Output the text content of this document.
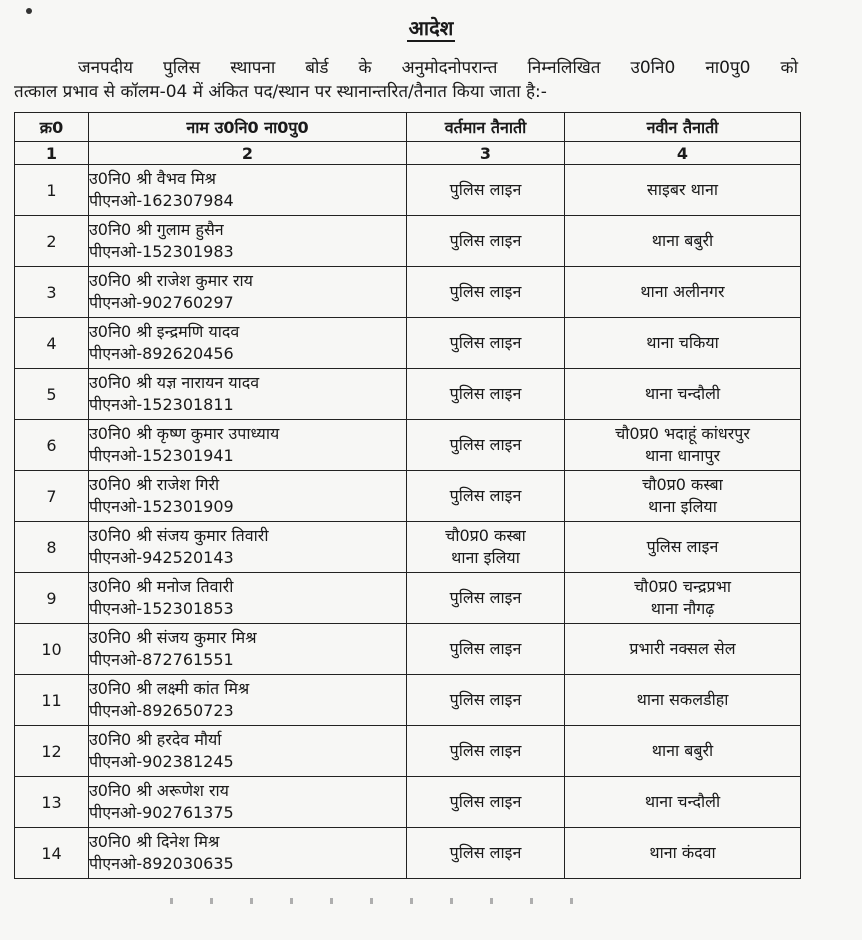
आदेश
जनपदीय पुलिस स्थापना बोर्ड के अनुमोदनोपरान्त निम्नलिखित उ0नि0 ना0पु0 को
तत्काल प्रभाव से कॉलम-04 में अंकित पद/स्थान पर स्थानान्तरित/तैनात किया जाता है:-
क्र0	नाम उ0नि0 ना0पु0	वर्तमान तैनाती	नवीन तैनाती
1	2	3	4
1	उ0नि0 श्री वैभव मिश्र
पीएनओ-162307984	पुलिस लाइन	साइबर थाना

2	उ0नि0 श्री गुलाम हुसैन
पीएनओ-152301983	पुलिस लाइन	थाना बबुरी

3	उ0नि0 श्री राजेश कुमार राय
पीएनओ-902760297	पुलिस लाइन	थाना अलीनगर

4	उ0नि0 श्री इन्द्रमणि यादव
पीएनओ-892620456	पुलिस लाइन	थाना चकिया

5	उ0नि0 श्री यज्ञ नारायन यादव
पीएनओ-152301811	पुलिस लाइन	थाना चन्दौली

6	उ0नि0 श्री कृष्ण कुमार उपाध्याय
पीएनओ-152301941	पुलिस लाइन	चौ0प्र0 भदाहूं कांधरपुर
थाना धानापुर

7	उ0नि0 श्री राजेश गिरी
पीएनओ-152301909	पुलिस लाइन	चौ0प्र0 कस्बा
थाना इलिया

8	उ0नि0 श्री संजय कुमार तिवारी
पीएनओ-942520143	चौ0प्र0 कस्बा
थाना इलिया	पुलिस लाइन

9	उ0नि0 श्री मनोज तिवारी
पीएनओ-152301853	पुलिस लाइन	चौ0प्र0 चन्द्रप्रभा
थाना नौगढ़

10	उ0नि0 श्री संजय कुमार मिश्र
पीएनओ-872761551	पुलिस लाइन	प्रभारी नक्सल सेल

11	उ0नि0 श्री लक्ष्मी कांत मिश्र
पीएनओ-892650723	पुलिस लाइन	थाना सकलडीहा

12	उ0नि0 श्री हरदेव मौर्या
पीएनओ-902381245	पुलिस लाइन	थाना बबुरी

13	उ0नि0 श्री अरूणेश राय
पीएनओ-902761375	पुलिस लाइन	थाना चन्दौली

14	उ0नि0 श्री दिनेश मिश्र
पीएनओ-892030635	पुलिस लाइन	थाना कंदवा
